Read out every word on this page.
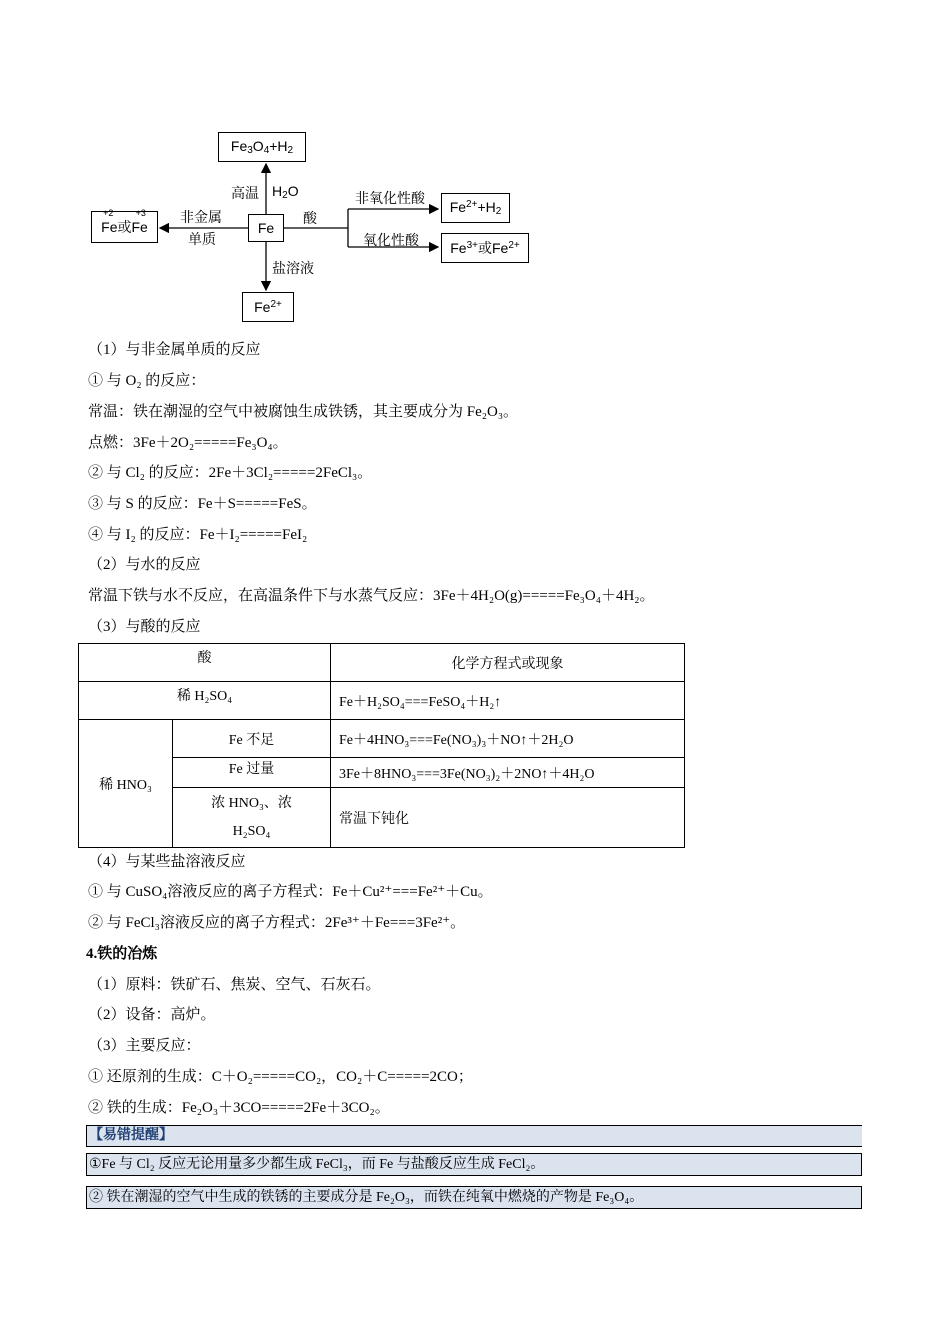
$Fe_3O_4+H_2$
Fe
+2 +3
Fe或Fe
$Fe^{2+}+H_2$
$Fe^{3+}$或$Fe^{2+}$
$Fe^{2+}$
高温 $H_2O$
非金属
单质
酸
非氧化性酸
氧化性酸
盐溶液
（1）与非金属单质的反应
① 与 O₂ 的反应：
常温：铁在潮湿的空气中被腐蚀生成铁锈，其主要成分为 Fe₂O₃。
点燃：3Fe＋2O₂=====Fe₃O₄。
② 与 Cl₂ 的反应：2Fe＋3Cl₂=====2FeCl₃。
③ 与 S 的反应：Fe＋S=====FeS。
④ 与 I₂ 的反应：Fe＋I₂=====FeI₂
（2）与水的反应
常温下铁与水不反应，在高温条件下与水蒸气反应：3Fe＋4H₂O(g)=====Fe₃O₄＋4H₂。
（3）与酸的反应
酸		化学方程式或现象
稀 H₂SO₄		Fe＋H₂SO₄===FeSO₄＋H₂↑
稀 HNO₃	Fe 不足	Fe＋4HNO₃===Fe(NO₃)₃＋NO↑＋2H₂O
	Fe 过量	3Fe＋8HNO₃===3Fe(NO₃)₂＋2NO↑＋4H₂O

	浓 HNO₃、浓
H₂SO₄	常温下钝化
（4）与某些盐溶液反应
① 与 CuSO₄溶液反应的离子方程式：Fe＋Cu²⁺===Fe²⁺＋Cu。
② 与 FeCl₃溶液反应的离子方程式：2Fe³⁺＋Fe===3Fe²⁺。
4.铁的冶炼
（1）原料：铁矿石、焦炭、空气、石灰石。
（2）设备：高炉。
（3）主要反应：
① 还原剂的生成：C＋O₂=====CO₂，CO₂＋C=====2CO；
② 铁的生成：Fe₂O₃＋3CO=====2Fe＋3CO₂。
【易错提醒】
①Fe 与 Cl₂ 反应无论用量多少都生成 FeCl₃，而 Fe 与盐酸反应生成 FeCl₂。
② 铁在潮湿的空气中生成的铁锈的主要成分是 Fe₂O₃，而铁在纯氧中燃烧的产物是 Fe₃O₄。
